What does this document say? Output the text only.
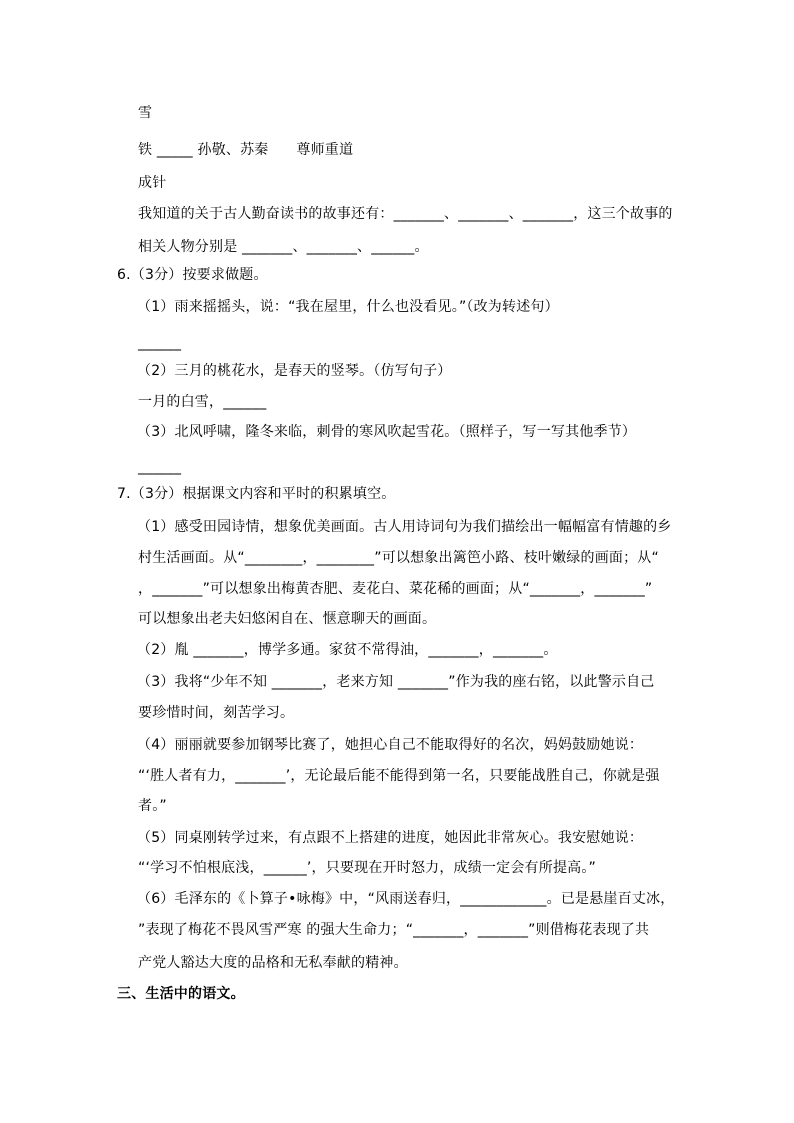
雪
铁 _____ 孙敬、苏秦      尊师重道
成针
我知道的关于古人勤奋读书的故事还有：_______、_______、_______，这三个故事的
相关人物分别是 _______、_______、______。
6.（3分）按要求做题。
（1）雨来摇摇头，说：“我在屋里，什么也没看见。”（改为转述句）
______
（2）三月的桃花水，是春天的竖琴。（仿写句子）
一月的白雪，______
（3）北风呼啸，隆冬来临，刺骨的寒风吹起雪花。（照样子，写一写其他季节）
______
7.（3分）根据课文内容和平时的积累填空。
（1）感受田园诗情，想象优美画面。古人用诗词句为我们描绘出一幅幅富有情趣的乡
村生活画面。从“________，________”可以想象出篱笆小路、枝叶嫩绿的画面；从“
，_______”可以想象出梅黄杏肥、麦花白、菜花稀的画面；从“_______，_______”
可以想象出老夫妇悠闲自在、惬意聊天的画面。
（2）胤 _______，博学多通。家贫不常得油，_______，_______。
（3）我将“少年不知 _______，老来方知 _______”作为我的座右铭，以此警示自己
要珍惜时间，刻苦学习。
（4）丽丽就要参加钢琴比赛了，她担心自己不能取得好的名次，妈妈鼓励她说：
“‘胜人者有力，_______’，无论最后能不能得到第一名，只要能战胜自己，你就是强
者。”
（5）同桌刚转学过来，有点跟不上搭建的进度，她因此非常灰心。我安慰她说：
“‘学习不怕根底浅，______’，只要现在开时怒力，成绩一定会有所提高。”
（6）毛泽东的《卜算子•咏梅》中，“风雨送春归，____________。已是悬崖百丈冰，
”表现了梅花不畏风雪严寒 的强大生命力；“_______，_______”则借梅花表现了共
产党人豁达大度的品格和无私奉献的精神。
三、生活中的语文。
